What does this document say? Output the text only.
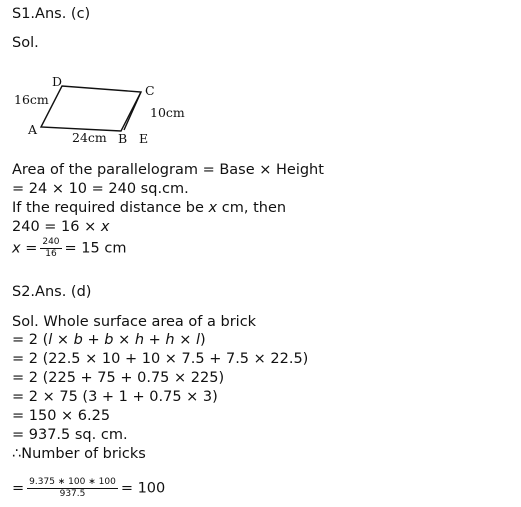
S1.Ans. (c)
Sol.
D
C
A
B E
16cm
10cm
24cm
Area of the parallelogram = Base × Height
= 24 × 10 = 240 sq.cm.
If the required distance be x cm, then
240 = 16 × x
$x = \frac{240}{16} = 15$ cm
S2.Ans. (d)
Sol. Whole surface area of a brick
= 2 (l × b + b × h + h × l)
= 2 (22.5 × 10 + 10 × 7.5 + 7.5 × 22.5)
= 2 (225 + 75 + 0.75 × 225)
= 2 × 75 (3 + 1 + 0.75 × 3)
= 150 × 6.25
= 937.5 sq. cm.
∴Number of bricks
= $\frac{9.375 ∗ 100 ∗ 100}{937.5} = 100$
